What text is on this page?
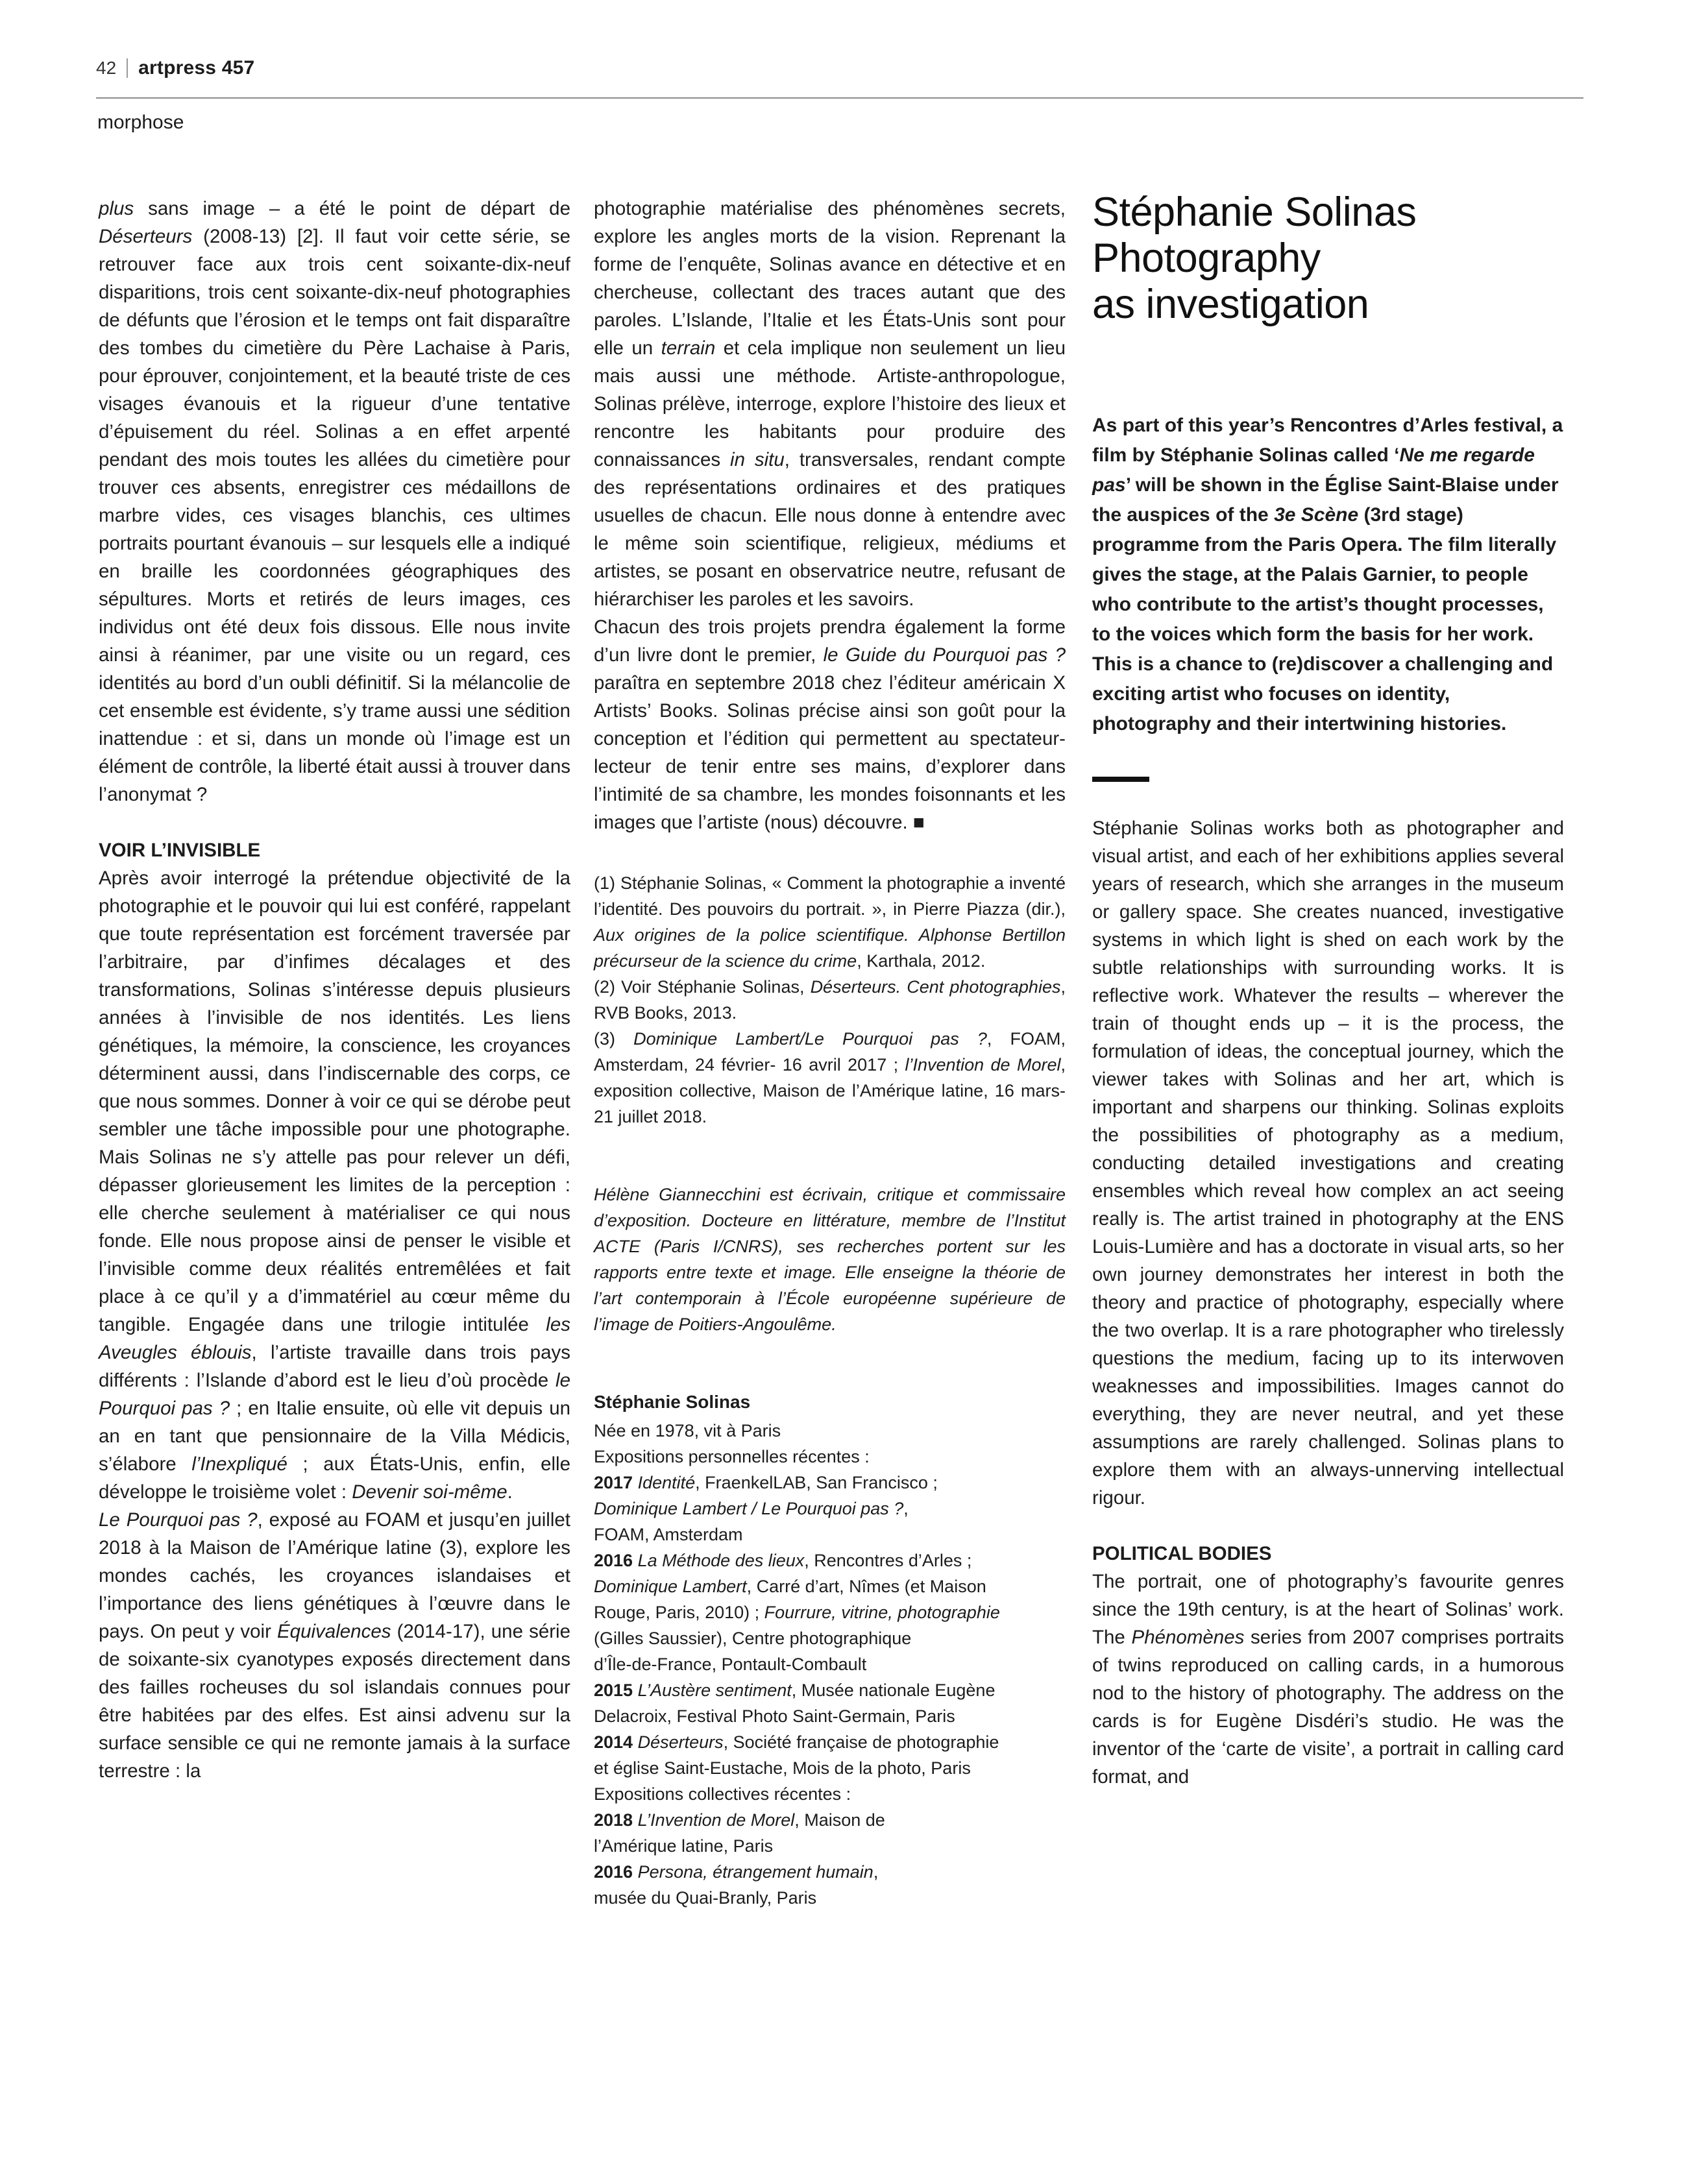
42 artpress 457
morphose

plus sans image – a été le point de départ de Déserteurs (2008-13) [2]. Il faut voir cette série, se retrouver face aux trois cent soixante-dix-neuf disparitions, trois cent soixante-dix-neuf photographies de défunts que l’érosion et le temps ont fait disparaître des tombes du cimetière du Père Lachaise à Paris, pour éprouver, conjointement, et la beauté triste de ces visages évanouis et la rigueur d’une tentative d’épuisement du réel. Solinas a en effet arpenté pendant des mois toutes les allées du cimetière pour trouver ces absents, enregistrer ces médaillons de marbre vides, ces visages blanchis, ces ultimes portraits pourtant évanouis – sur lesquels elle a indiqué en braille les coordonnées géographiques des sépultures. Morts et retirés de leurs images, ces individus ont été deux fois dissous. Elle nous invite ainsi à réanimer, par une visite ou un regard, ces identités au bord d’un oubli définitif. Si la mélancolie de cet ensemble est évidente, s’y trame aussi une sédition inattendue : et si, dans un monde où l’image est un élément de contrôle, la liberté était aussi à trouver dans l’anonymat ?

VOIR L’INVISIBLE

Après avoir interrogé la prétendue objectivité de la photographie et le pouvoir qui lui est conféré, rappelant que toute représentation est forcément traversée par l’arbitraire, par d’infimes décalages et des transformations, Solinas s’intéresse depuis plusieurs années à l’invisible de nos identités. Les liens génétiques, la mémoire, la conscience, les croyances déterminent aussi, dans l’indiscernable des corps, ce que nous sommes. Donner à voir ce qui se dérobe peut sembler une tâche impossible pour une photographe. Mais Solinas ne s’y attelle pas pour relever un défi, dépasser glorieusement les limites de la perception : elle cherche seulement à matérialiser ce qui nous fonde. Elle nous propose ainsi de penser le visible et l’invisible comme deux réalités entremêlées et fait place à ce qu’il y a d’immatériel au cœur même du tangible. Engagée dans une trilogie intitulée les Aveugles éblouis, l’artiste travaille dans trois pays différents : l’Islande d’abord est le lieu d’où procède le Pourquoi pas ? ; en Italie ensuite, où elle vit depuis un an en tant que pensionnaire de la Villa Médicis, s’élabore l’Inexpliqué ; aux États-Unis, enfin, elle développe le troisième volet : Devenir soi-même.

Le Pourquoi pas ?, exposé au FOAM et jusqu’en juillet 2018 à la Maison de l’Amérique latine (3), explore les mondes cachés, les croyances islandaises et l’importance des liens génétiques à l’œuvre dans le pays. On peut y voir Équivalences (2014-17), une série de soixante-six cyanotypes exposés directement dans des failles rocheuses du sol islandais connues pour être habitées par des elfes. Est ainsi advenu sur la surface sensible ce qui ne remonte jamais à la surface terrestre : la

photographie matérialise des phénomènes secrets, explore les angles morts de la vision. Reprenant la forme de l’enquête, Solinas avance en détective et en chercheuse, collectant des traces autant que des paroles. L’Islande, l’Italie et les États-Unis sont pour elle un terrain et cela implique non seulement un lieu mais aussi une méthode. Artiste-anthropologue, Solinas prélève, interroge, explore l’histoire des lieux et rencontre les habitants pour produire des connaissances in situ, transversales, rendant compte des représentations ordinaires et des pratiques usuelles de chacun. Elle nous donne à entendre avec le même soin scientifique, religieux, médiums et artistes, se posant en observatrice neutre, refusant de hiérarchiser les paroles et les savoirs.

Chacun des trois projets prendra également la forme d’un livre dont le premier, le Guide du Pourquoi pas ? paraîtra en septembre 2018 chez l’éditeur américain X Artists’ Books. Solinas précise ainsi son goût pour la conception et l’édition qui permettent au spectateur-lecteur de tenir entre ses mains, d’explorer dans l’intimité de sa chambre, les mondes foisonnants et les images que l’artiste (nous) découvre. ■

(1) Stéphanie Solinas, « Comment la photographie a inventé l’identité. Des pouvoirs du portrait. », in Pierre Piazza (dir.), Aux origines de la police scientifique. Alphonse Bertillon précurseur de la science du crime, Karthala, 2012.

(2) Voir Stéphanie Solinas, Déserteurs. Cent photographies, RVB Books, 2013.

(3) Dominique Lambert/Le Pourquoi pas ?, FOAM, Amsterdam, 24 février- 16 avril 2017 ; l’Invention de Morel, exposition collective, Maison de l’Amérique latine, 16 mars- 21 juillet 2018.

Hélène Giannecchini est écrivain, critique et commissaire d’exposition. Docteure en littérature, membre de l’Institut ACTE (Paris I/CNRS), ses recherches portent sur les rapports entre texte et image. Elle enseigne la théorie de l’art contemporain à l’École européenne supérieure de l’image de Poitiers-Angoulême.

Stéphanie Solinas
Née en 1978, vit à Paris
Expositions personnelles récentes :
2017 Identité, FraenkelLAB, San Francisco ;
Dominique Lambert / Le Pourquoi pas ?,
FOAM, Amsterdam
2016 La Méthode des lieux, Rencontres d’Arles ;
Dominique Lambert, Carré d’art, Nîmes (et Maison
Rouge, Paris, 2010) ; Fourrure, vitrine, photographie
(Gilles Saussier), Centre photographique
d’Île-de-France, Pontault-Combault
2015 L’Austère sentiment, Musée nationale Eugène
Delacroix, Festival Photo Saint-Germain, Paris
2014 Déserteurs, Société française de photographie
et église Saint-Eustache, Mois de la photo, Paris
Expositions collectives récentes :
2018 L’Invention de Morel, Maison de
l’Amérique latine, Paris
2016 Persona, étrangement humain,
musée du Quai-Branly, Paris
Stéphanie Solinas
Photography
as investigation

As part of this year’s Rencontres d’Arles festival, a film by Stéphanie Solinas called ‘Ne me regarde pas’ will be shown in the Église Saint-Blaise under the auspices of the 3e Scène (3rd stage) programme from the Paris Opera. The film literally gives the stage, at the Palais Garnier, to people who contribute to the artist’s thought processes, to the voices which form the basis for her work. This is a chance to (re)discover a challenging and exciting artist who focuses on identity, photography and their intertwining histories.

Stéphanie Solinas works both as photographer and visual artist, and each of her exhibitions applies several years of research, which she arranges in the museum or gallery space. She creates nuanced, investigative systems in which light is shed on each work by the subtle relationships with surrounding works. It is reflective work. Whatever the results – wherever the train of thought ends up – it is the process, the formulation of ideas, the conceptual journey, which the viewer takes with Solinas and her art, which is important and sharpens our thinking. Solinas exploits the possibilities of photography as a medium, conducting detailed investigations and creating ensembles which reveal how complex an act seeing really is. The artist trained in photography at the ENS Louis-Lumière and has a doctorate in visual arts, so her own journey demonstrates her interest in both the theory and practice of photography, especially where the two overlap. It is a rare photographer who tirelessly questions the medium, facing up to its interwoven weaknesses and impossibilities. Images cannot do everything, they are never neutral, and yet these assumptions are rarely challenged. Solinas plans to explore them with an always-unnerving intellectual rigour.

POLITICAL BODIES

The portrait, one of photography’s favourite genres since the 19th century, is at the heart of Solinas’ work. The Phénomènes series from 2007 comprises portraits of twins reproduced on calling cards, in a humorous nod to the history of photography. The address on the cards is for Eugène Disdéri’s studio. He was the inventor of the ‘carte de visite’, a portrait in calling card format, and
